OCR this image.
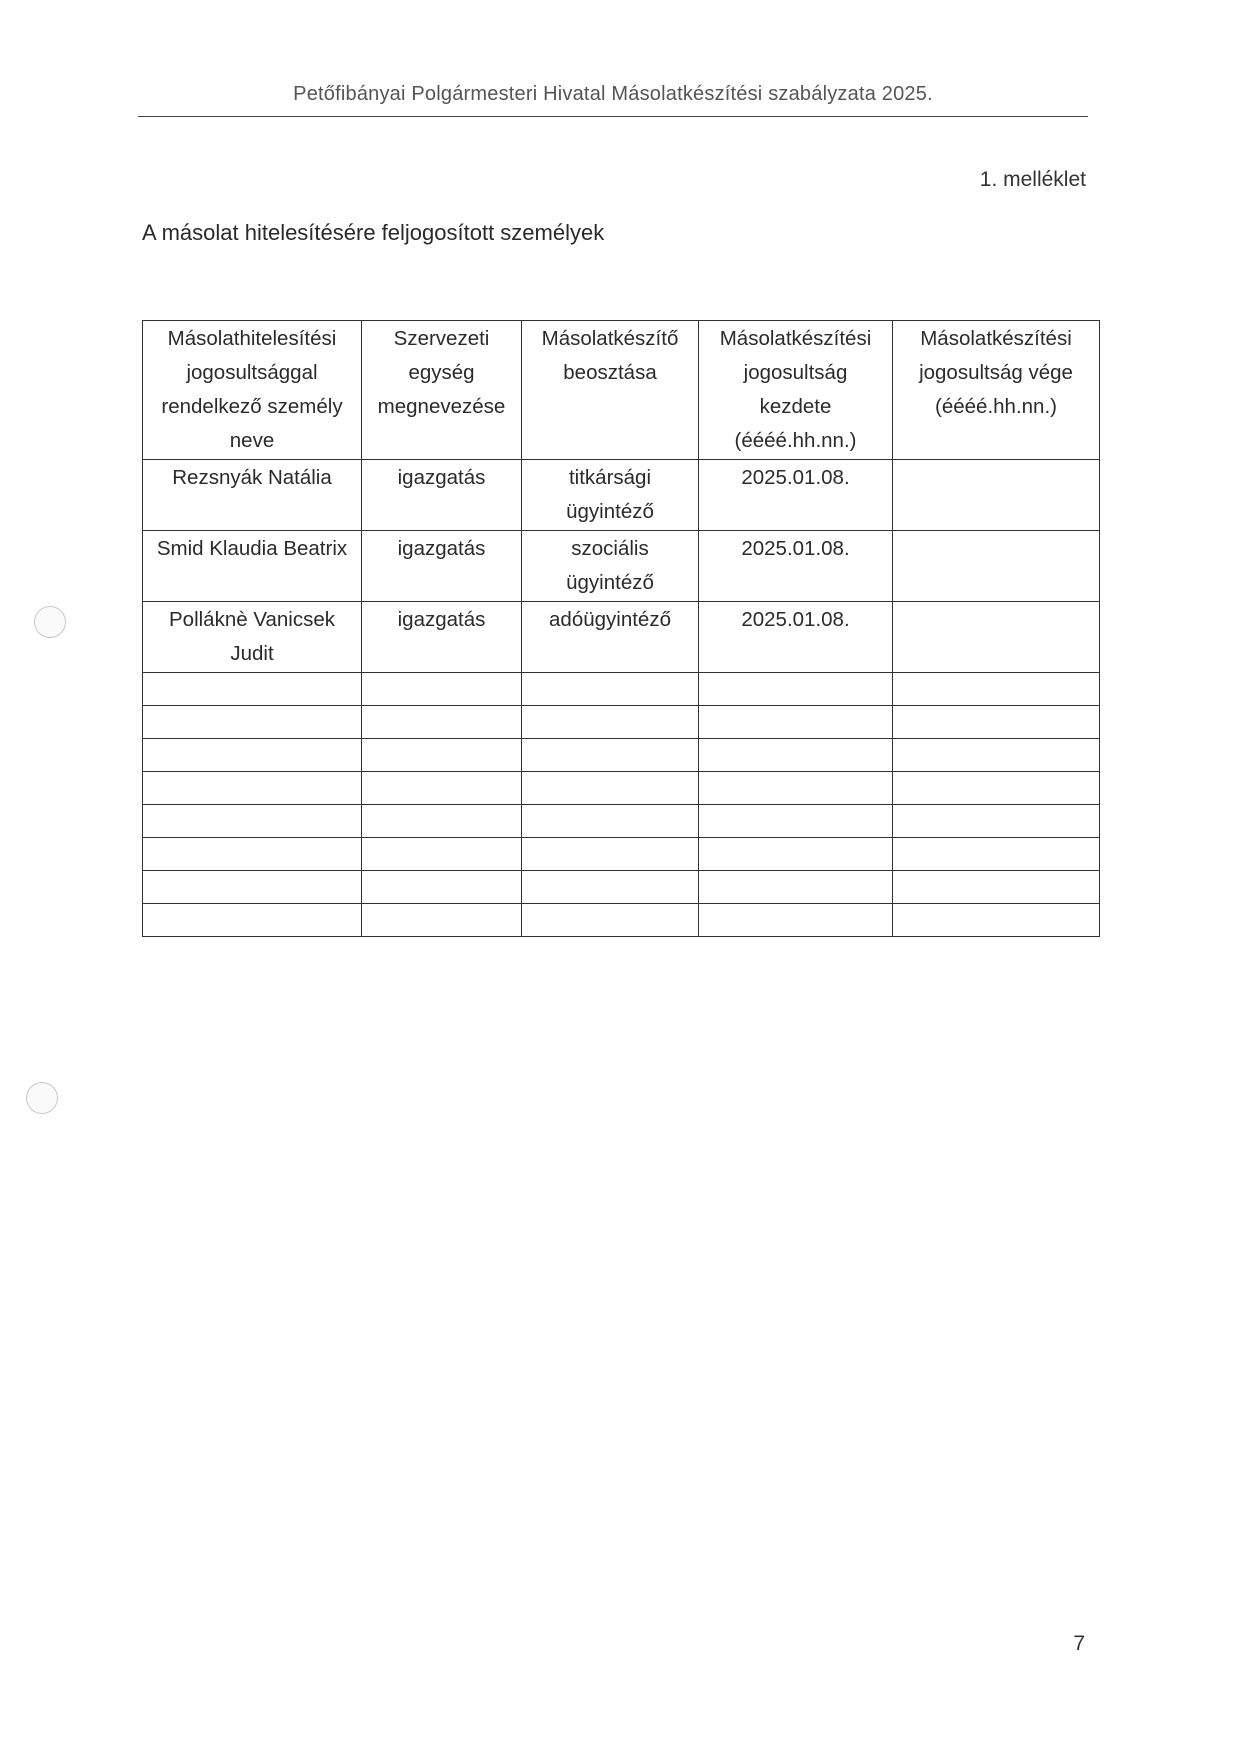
Petőfibányai Polgármesteri Hivatal Másolatkészítési szabályzata 2025.
1. melléklet
A másolat hitelesítésére feljogosított személyek
Másolathitelesítési jogosultsággal rendelkező személy neve	Szervezeti egység megnevezése	Másolatkészítő beosztása	Másolatkészítési jogosultság kezdete (éééé.hh.nn.)	Másolatkészítési jogosultság vége (éééé.hh.nn.)
Rezsnyák Natália	igazgatás	titkársági ügyintéző	2025.01.08.	
Smid Klaudia Beatrix	igazgatás	szociális ügyintéző	2025.01.08.	
Polláknè Vanicsek Judit	igazgatás	adóügyintéző	2025.01.08.	

7
